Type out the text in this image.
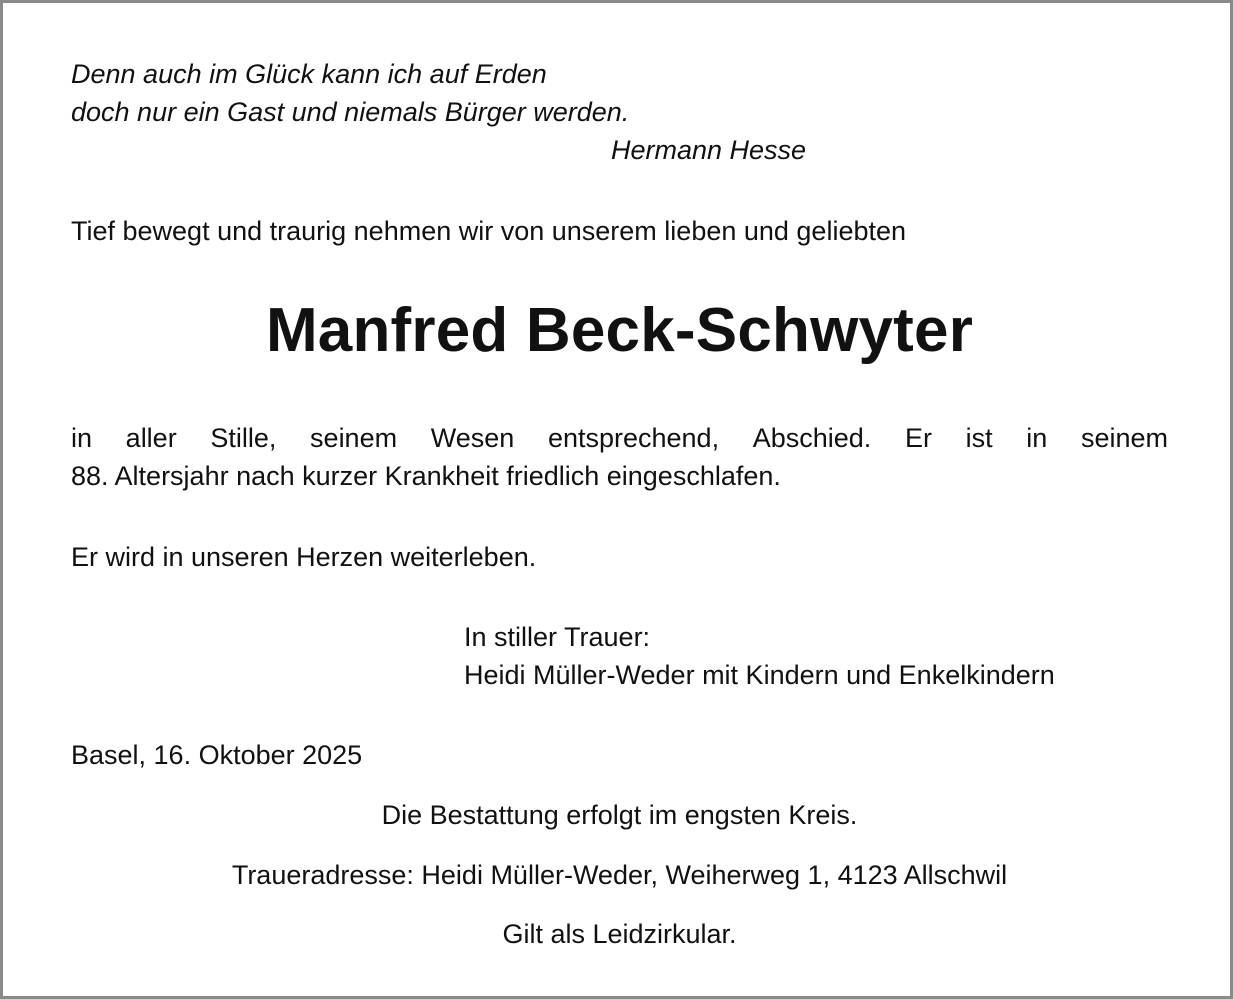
Denn auch im Glück kann ich auf Erden
doch nur ein Gast und niemals Bürger werden.
Hermann Hesse
Tief bewegt und traurig nehmen wir von unserem lieben und geliebten
Manfred Beck-Schwyter
in aller Stille, seinem Wesen entsprechend, Abschied. Er ist in seinem
88. Altersjahr nach kurzer Krankheit friedlich eingeschlafen.
Er wird in unseren Herzen weiterleben.
In stiller Trauer:
Heidi Müller-Weder mit Kindern und Enkelkindern
Basel, 16. Oktober 2025
Die Bestattung erfolgt im engsten Kreis.
Traueradresse: Heidi Müller-Weder, Weiherweg 1, 4123 Allschwil
Gilt als Leidzirkular.
